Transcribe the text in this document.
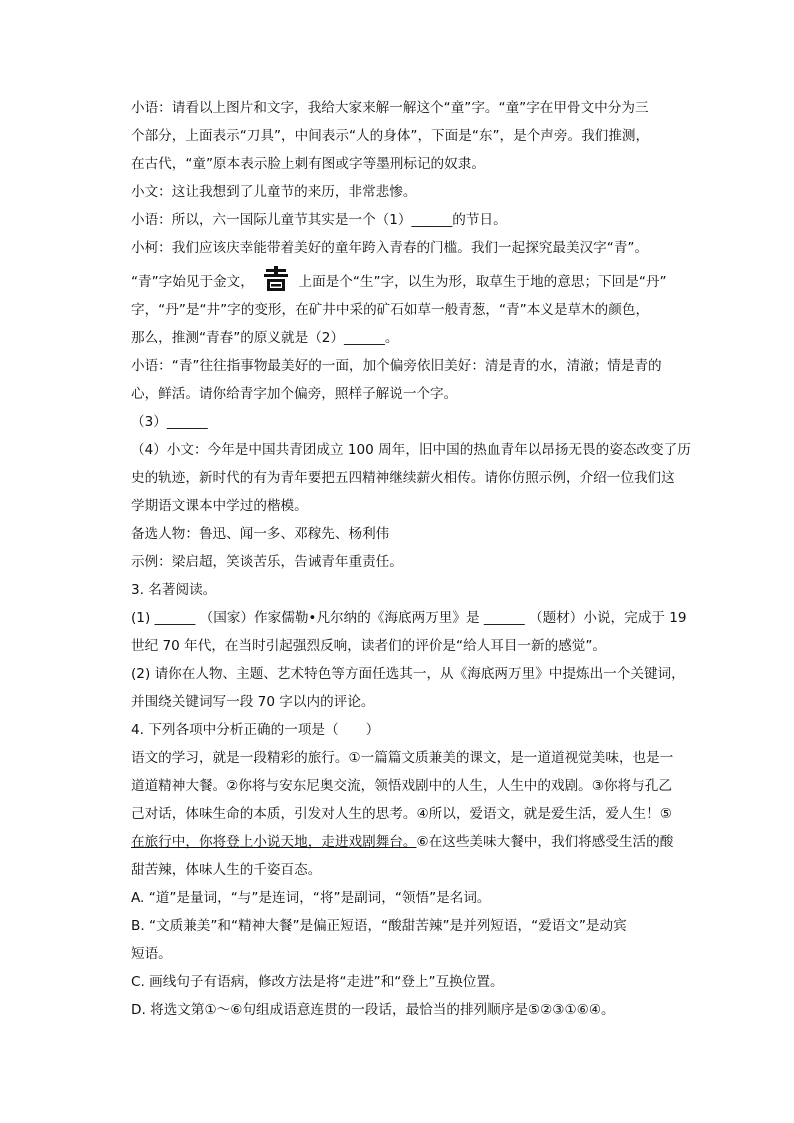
小语：请看以上图片和文字，我给大家来解一解这个“童”字。“童”字在甲骨文中分为三

个部分，上面表示“刀具”，中间表示“人的身体”，下面是“东”，是个声旁。我们推测，

在古代，“童”原本表示脸上刺有图或字等墨刑标记的奴隶。

小文：这让我想到了儿童节的来历，非常悲惨。

小语：所以，六一国际儿童节其实是一个（1）______的节日。

小柯：我们应该庆幸能带着美好的童年跨入青春的门槛。我们一起探究最美汉字“青”。

“青”字始见于金文，	上面是个“生”字，以生为形，取草生于地的意思；下回是“丹”

字，“丹”是“井”字的变形，在矿井中采的矿石如草一般青葱，“青”本义是草木的颜色，

那么，推测“青春”的原义就是（2）______。

小语：“青”往往指事物最美好的一面，加个偏旁依旧美好：清是青的水，清澈；情是青的

心，鲜活。请你给青字加个偏旁，照样子解说一个字。

（3）______

（4）小文：今年是中国共青团成立 100 周年，旧中国的热血青年以昂扬无畏的姿态改变了历

史的轨迹，新时代的有为青年要把五四精神继续薪火相传。请你仿照示例，介绍一位我们这

学期语文课本中学过的楷模。

备选人物：鲁迅、闻一多、邓稼先、杨利伟

示例：梁启超，笑谈苦乐，告诫青年重责任。

3. 名著阅读。

(1) ______ （国家）作家儒勒•凡尔纳的《海底两万里》是 ______ （题材）小说，完成于 19

世纪 70 年代，在当时引起强烈反响，读者们的评价是“给人耳目一新的感觉”。

(2) 请你在人物、主题、艺术特色等方面任选其一，从《海底两万里》中提炼出一个关键词，

并围绕关键词写一段 70 字以内的评论。

4. 下列各项中分析正确的一项是（　　）

语文的学习，就是一段精彩的旅行。①一篇篇文质兼美的课文，是一道道视觉美味，也是一

道道精神大餐。②你将与安东尼奥交流，领悟戏剧中的人生，人生中的戏剧。③你将与孔乙

己对话，体味生命的本质，引发对人生的思考。④所以，爱语文，就是爱生活，爱人生！⑤

在旅行中，你将登上小说天地，走进戏剧舞台。⑥在这些美味大餐中，我们将感受生活的酸

甜苦辣，体味人生的千姿百态。

A. “道”是量词，“与”是连词，“将”是副词，“领悟”是名词。

B. “文质兼美”和“精神大餐”是偏正短语，“酸甜苦辣”是并列短语，“爱语文”是动宾

短语。

C. 画线句子有语病，修改方法是将“走进”和“登上”互换位置。

D. 将选文第①～⑥句组成语意连贯的一段话，最恰当的排列顺序是⑤②③①⑥④。
